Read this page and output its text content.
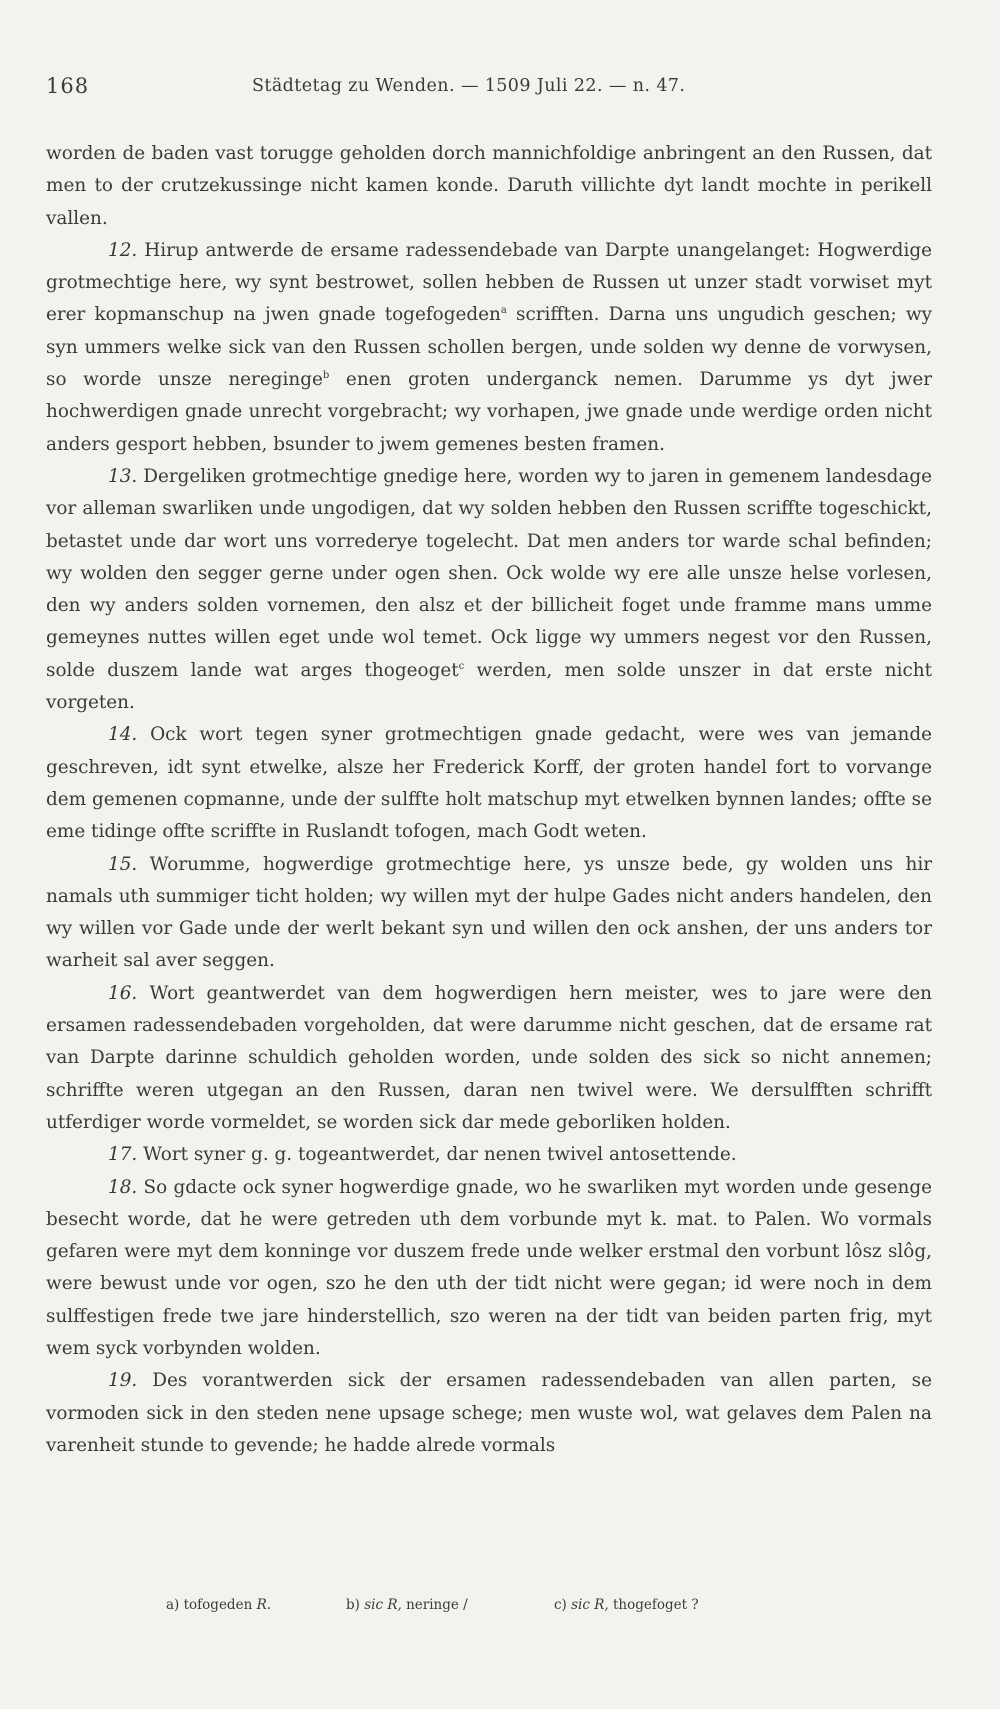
168	Städtetag zu Wenden. — 1509 Juli 22. — n. 47.

worden de baden vast torugge geholden dorch mannichfoldige anbringent an den Russen, dat men to der crutzekussinge nicht kamen konde. Daruth villichte dyt landt mochte in perikell vallen.

12. Hirup antwerde de ersame radessendebade van Darpte unangelanget: Hogwerdige grotmechtige here, wy synt bestrowet, sollen hebben de Russen ut unzer stadt vorwiset myt erer kopmanschup na jwen gnade togefogeden$^a$ scrifften. Darna uns ungudich geschen; wy syn ummers welke sick van den Russen schollen bergen, unde solden wy denne de vorwysen, so worde unsze nereginge$^b$ enen groten underganck nemen. Darumme ys dyt jwer hochwerdigen gnade unrecht vorgebracht; wy vorhapen, jwe gnade unde werdige orden nicht anders gesport hebben, bsunder to jwem gemenes besten framen.

13. Dergeliken grotmechtige gnedige here, worden wy to jaren in gemenem landesdage vor alleman swarliken unde ungodigen, dat wy solden hebben den Russen scriffte togeschickt, betastet unde dar wort uns vorrederye togelecht. Dat men anders tor warde schal befinden; wy wolden den segger gerne under ogen shen. Ock wolde wy ere alle unsze helse vorlesen, den wy anders solden vornemen, den alsz et der billicheit foget unde framme mans umme gemeynes nuttes willen eget unde wol temet. Ock ligge wy ummers negest vor den Russen, solde duszem lande wat arges thogeoget$^c$ werden, men solde unszer in dat erste nicht vorgeten.

14. Ock wort tegen syner grotmechtigen gnade gedacht, were wes van jemande geschreven, idt synt etwelke, alsze her Frederick Korff, der groten handel fort to vorvange dem gemenen copmanne, unde der sulffte holt matschup myt etwelken bynnen landes; offte se eme tidinge offte scriffte in Ruslandt tofogen, mach Godt weten.

15. Worumme, hogwerdige grotmechtige here, ys unsze bede, gy wolden uns hir namals uth summiger ticht holden; wy willen myt der hulpe Gades nicht anders handelen, den wy willen vor Gade unde der werlt bekant syn und willen den ock anshen, der uns anders tor warheit sal aver seggen.

16. Wort geantwerdet van dem hogwerdigen hern meister, wes to jare were den ersamen radessendebaden vorgeholden, dat were darumme nicht geschen, dat de ersame rat van Darpte darinne schuldich geholden worden, unde solden des sick so nicht annemen; schriffte weren utgegan an den Russen, daran nen twivel were. We dersulfften schrifft utferdiger worde vormeldet, se worden sick dar mede geborliken holden.

17. Wort syner g. g. togeantwerdet, dar nenen twivel antosettende.

18. So gdacte ock syner hogwerdige gnade, wo he swarliken myt worden unde gesenge besecht worde, dat he were getreden uth dem vorbunde myt k. mat. to Palen. Wo vormals gefaren were myt dem konninge vor duszem frede unde welker erstmal den vorbunt lôsz slôg, were bewust unde vor ogen, szo he den uth der tidt nicht were gegan; id were noch in dem sulffestigen frede twe jare hinderstellich, szo weren na der tidt van beiden parten frig, myt wem syck vorbynden wolden.

19. Des vorantwerden sick der ersamen radessendebaden van allen parten, se vormoden sick in den steden nene upsage schege; men wuste wol, wat gelaves dem Palen na varenheit stunde to gevende; he hadde alrede vormals

a) tofogeden R.	b) sic R, neringe /	c) sic R, thogefoget ?
